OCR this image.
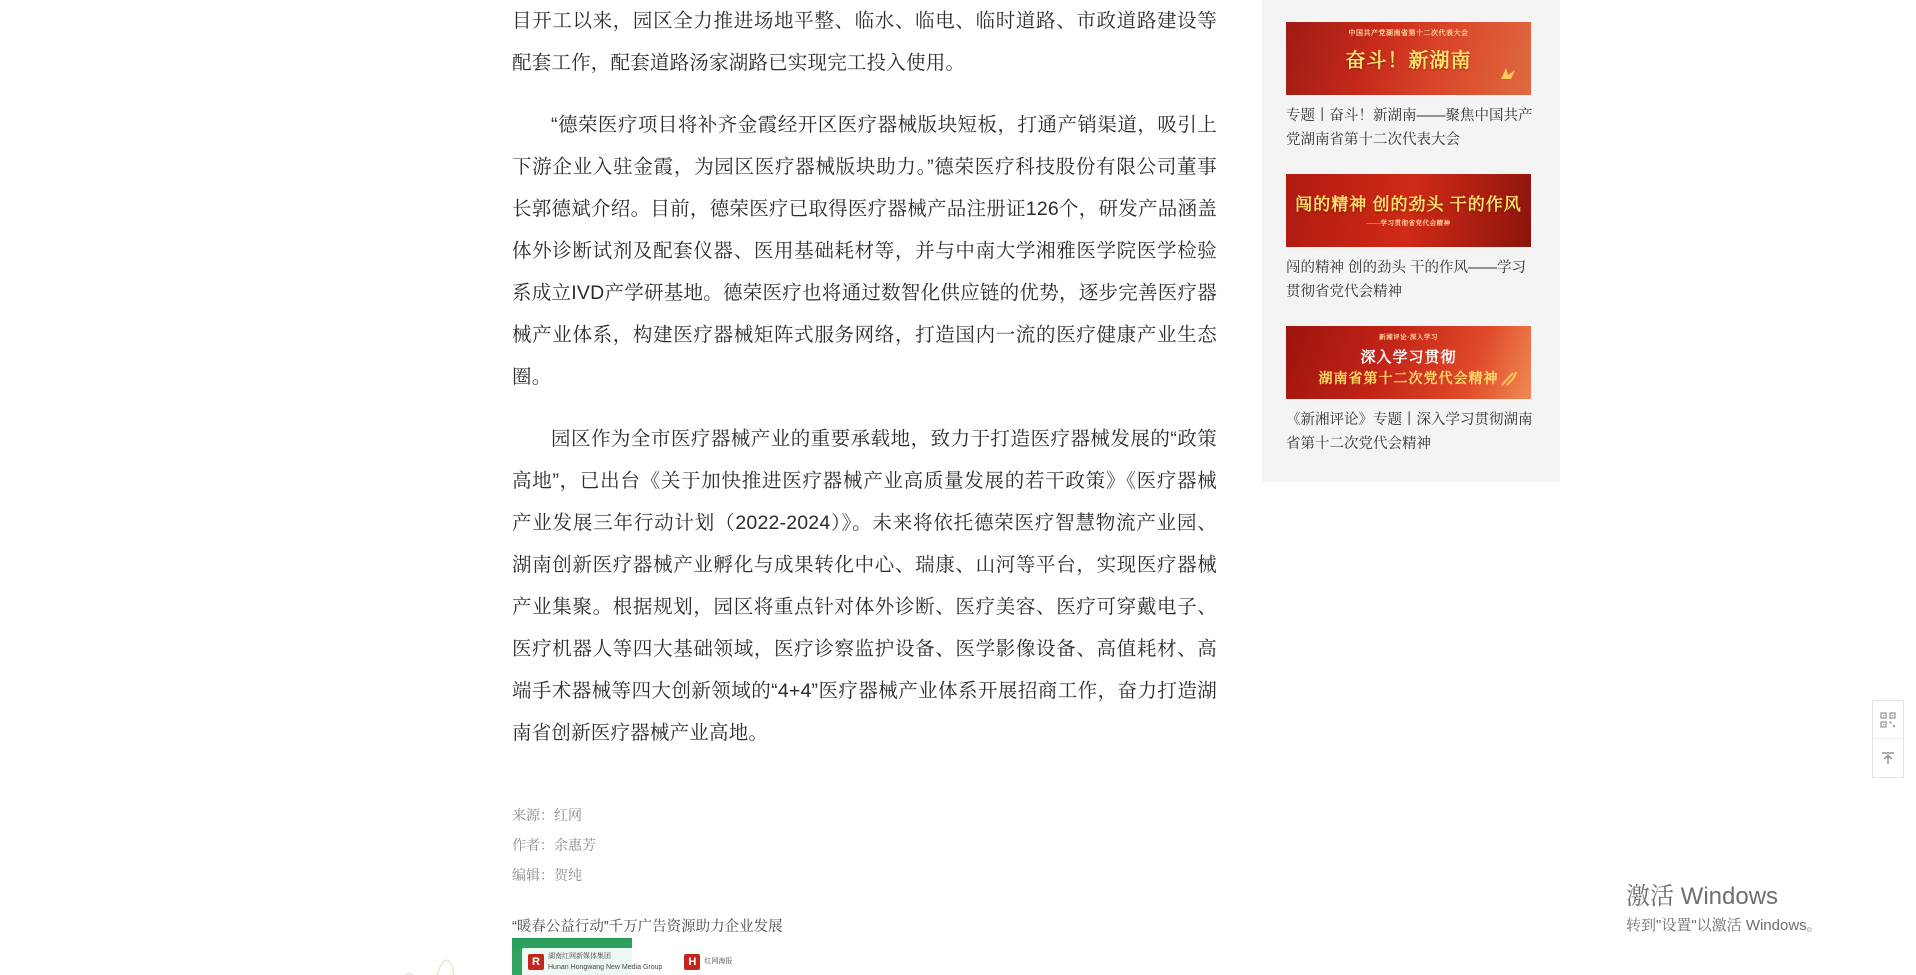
目开工以来，园区全力推进场地平整、临水、临电、临时道路、市政道路建设等配套工作，配套道路汤家湖路已实现完工投入使用。

“德荣医疗项目将补齐金霞经开区医疗器械版块短板，打通产销渠道，吸引上下游企业入驻金霞，为园区医疗器械版块助力。”德荣医疗科技股份有限公司董事长郭德斌介绍。目前，德荣医疗已取得医疗器械产品注册证126个，研发产品涵盖体外诊断试剂及配套仪器、医用基础耗材等，并与中南大学湘雅医学院医学检验系成立IVD产学研基地。德荣医疗也将通过数智化供应链的优势，逐步完善医疗器械产业体系，构建医疗器械矩阵式服务网络，打造国内一流的医疗健康产业生态圈。

园区作为全市医疗器械产业的重要承载地，致力于打造医疗器械发展的“政策高地”，已出台《关于加快推进医疗器械产业高质量发展的若干政策》《医疗器械产业发展三年行动计划（2022-2024）》。未来将依托德荣医疗智慧物流产业园、湖南创新医疗器械产业孵化与成果转化中心、瑞康、山河等平台，实现医疗器械产业集聚。根据规划，园区将重点针对体外诊断、医疗美容、医疗可穿戴电子、医疗机器人等四大基础领域，医疗诊察监护设备、医学影像设备、高值耗材、高端手术器械等四大创新领域的“4+4”医疗器械产业体系开展招商工作，奋力打造湖南省创新医疗器械产业高地。

来源：红网
作者：余惠芳
编辑：贺纯
“暖春公益行动”千万广告资源助力企业发展

中国共产党湖南省第十二次代表大会
奋斗！新湖南
专题丨奋斗！新湖南——聚焦中国共产党湖南省第十二次代表大会
闯的精神 创的劲头 干的作风
——学习贯彻省党代会精神
闯的精神 创的劲头 干的作风——学习贯彻省党代会精神
新湘评论·深入学习
深入学习贯彻
湖南省第十二次党代会精神
《新湘评论》专题丨深入学习贯彻湖南省第十二次党代会精神
激活 Windows
转到"设置"以激活 Windows。
